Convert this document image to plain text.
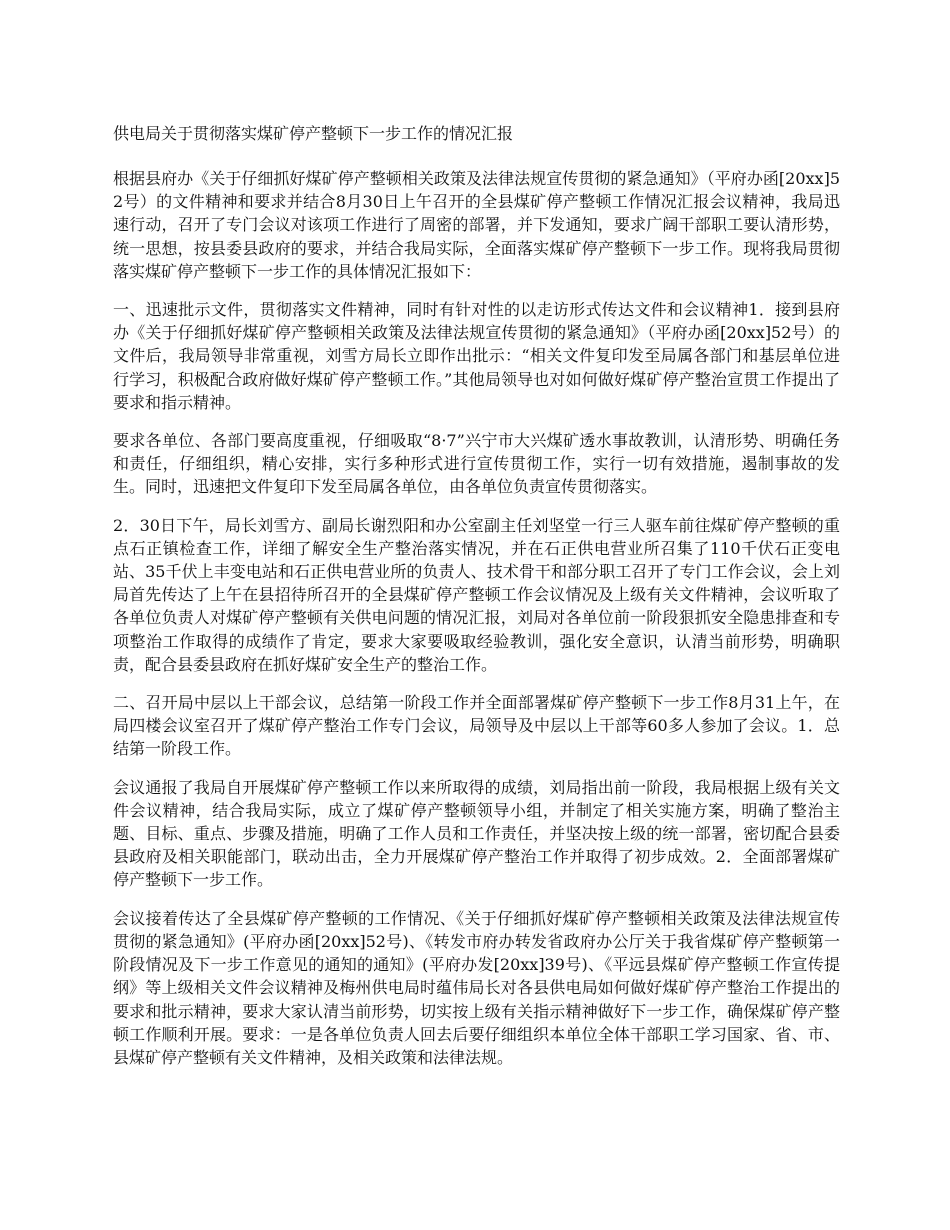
供电局关于贯彻落实煤矿停产整顿下一步工作的情况汇报

根据县府办《关于仔细抓好煤矿停产整顿相关政策及法律法规宣传贯彻的紧急通知》（平府办函[20xx]52号）的文件精神和要求并结合8月30日上午召开的全县煤矿停产整顿工作情况汇报会议精神，我局迅速行动，召开了专门会议对该项工作进行了周密的部署，并下发通知，要求广阔干部职工要认清形势，统一思想，按县委县政府的要求，并结合我局实际，全面落实煤矿停产整顿下一步工作。现将我局贯彻落实煤矿停产整顿下一步工作的具体情况汇报如下：

一、迅速批示文件，贯彻落实文件精神，同时有针对性的以走访形式传达文件和会议精神1．接到县府办《关于仔细抓好煤矿停产整顿相关政策及法律法规宣传贯彻的紧急通知》（平府办函[20xx]52号）的文件后，我局领导非常重视，刘雪方局长立即作出批示：“相关文件复印发至局属各部门和基层单位进行学习，积极配合政府做好煤矿停产整顿工作。”其他局领导也对如何做好煤矿停产整治宣贯工作提出了要求和指示精神。

要求各单位、各部门要高度重视，仔细吸取“8·7”兴宁市大兴煤矿透水事故教训，认清形势、明确任务和责任，仔细组织，精心安排，实行多种形式进行宣传贯彻工作，实行一切有效措施，遏制事故的发生。同时，迅速把文件复印下发至局属各单位，由各单位负责宣传贯彻落实。

2．30日下午，局长刘雪方、副局长谢烈阳和办公室副主任刘坚堂一行三人驱车前往煤矿停产整顿的重点石正镇检查工作，详细了解安全生产整治落实情况，并在石正供电营业所召集了110千伏石正变电站、35千伏上丰变电站和石正供电营业所的负责人、技术骨干和部分职工召开了专门工作会议，会上刘局首先传达了上午在县招待所召开的全县煤矿停产整顿工作会议情况及上级有关文件精神，会议听取了各单位负责人对煤矿停产整顿有关供电问题的情况汇报，刘局对各单位前一阶段狠抓安全隐患排查和专项整治工作取得的成绩作了肯定，要求大家要吸取经验教训，强化安全意识，认清当前形势，明确职责，配合县委县政府在抓好煤矿安全生产的整治工作。

二、召开局中层以上干部会议，总结第一阶段工作并全面部署煤矿停产整顿下一步工作8月31上午，在局四楼会议室召开了煤矿停产整治工作专门会议，局领导及中层以上干部等60多人参加了会议。1．总结第一阶段工作。

会议通报了我局自开展煤矿停产整顿工作以来所取得的成绩，刘局指出前一阶段，我局根据上级有关文件会议精神，结合我局实际，成立了煤矿停产整顿领导小组，并制定了相关实施方案，明确了整治主题、目标、重点、步骤及措施，明确了工作人员和工作责任，并坚决按上级的统一部署，密切配合县委县政府及相关职能部门，联动出击，全力开展煤矿停产整治工作并取得了初步成效。2．全面部署煤矿停产整顿下一步工作。

会议接着传达了全县煤矿停产整顿的工作情况、《关于仔细抓好煤矿停产整顿相关政策及法律法规宣传贯彻的紧急通知》(平府办函[20xx]52号)、《转发市府办转发省政府办公厅关于我省煤矿停产整顿第一阶段情况及下一步工作意见的通知的通知》(平府办发[20xx]39号)、《平远县煤矿停产整顿工作宣传提纲》等上级相关文件会议精神及梅州供电局时蕴伟局长对各县供电局如何做好煤矿停产整治工作提出的要求和批示精神，要求大家认清当前形势，切实按上级有关指示精神做好下一步工作，确保煤矿停产整顿工作顺利开展。要求：一是各单位负责人回去后要仔细组织本单位全体干部职工学习国家、省、市、县煤矿停产整顿有关文件精神，及相关政策和法律法规。
